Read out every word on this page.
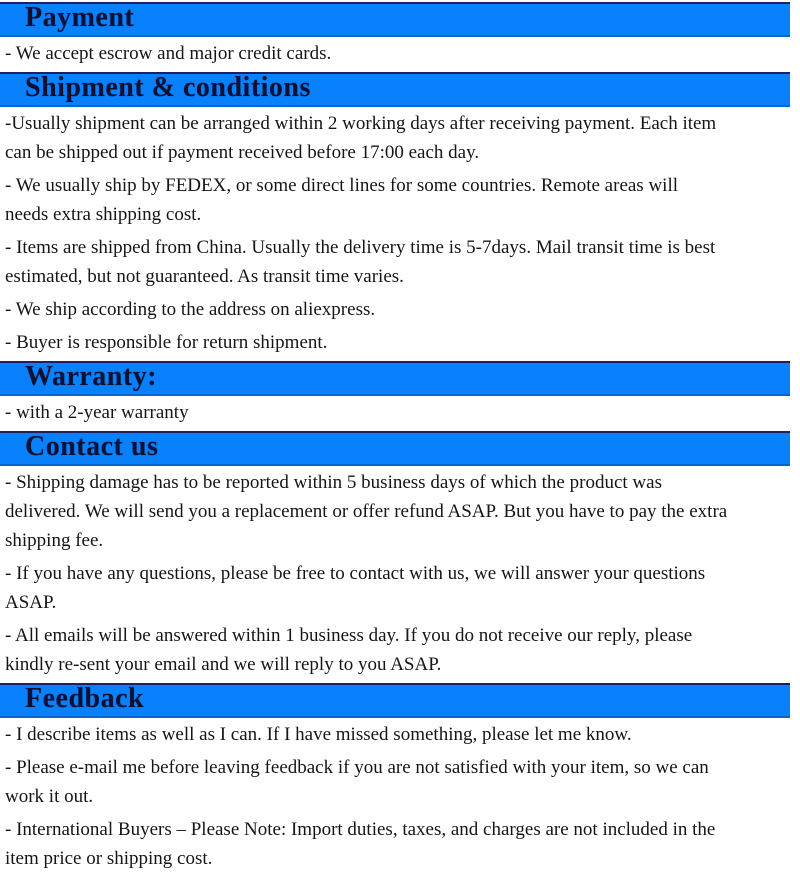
Payment
- We accept escrow and major credit cards.
Shipment & conditions
-Usually shipment can be arranged within 2 working days after receiving payment. Each item
can be shipped out if payment received before 17:00 each day.
- We usually ship by FEDEX, or some direct lines for some countries. Remote areas will
needs extra shipping cost.
- Items are shipped from China. Usually the delivery time is 5-7days. Mail transit time is best
estimated, but not guaranteed. As transit time varies.
- We ship according to the address on aliexpress.
- Buyer is responsible for return shipment.
Warranty:
- with a 2-year warranty
Contact us
- Shipping damage has to be reported within 5 business days of which the product was
delivered. We will send you a replacement or offer refund ASAP. But you have to pay the extra
shipping fee.
- If you have any questions, please be free to contact with us, we will answer your questions
ASAP.
- All emails will be answered within 1 business day. If you do not receive our reply, please
kindly re-sent your email and we will reply to you ASAP.
Feedback
- I describe items as well as I can. If I have missed something, please let me know.
- Please e-mail me before leaving feedback if you are not satisfied with your item, so we can
work it out.
- International Buyers – Please Note: Import duties, taxes, and charges are not included in the
item price or shipping cost.
